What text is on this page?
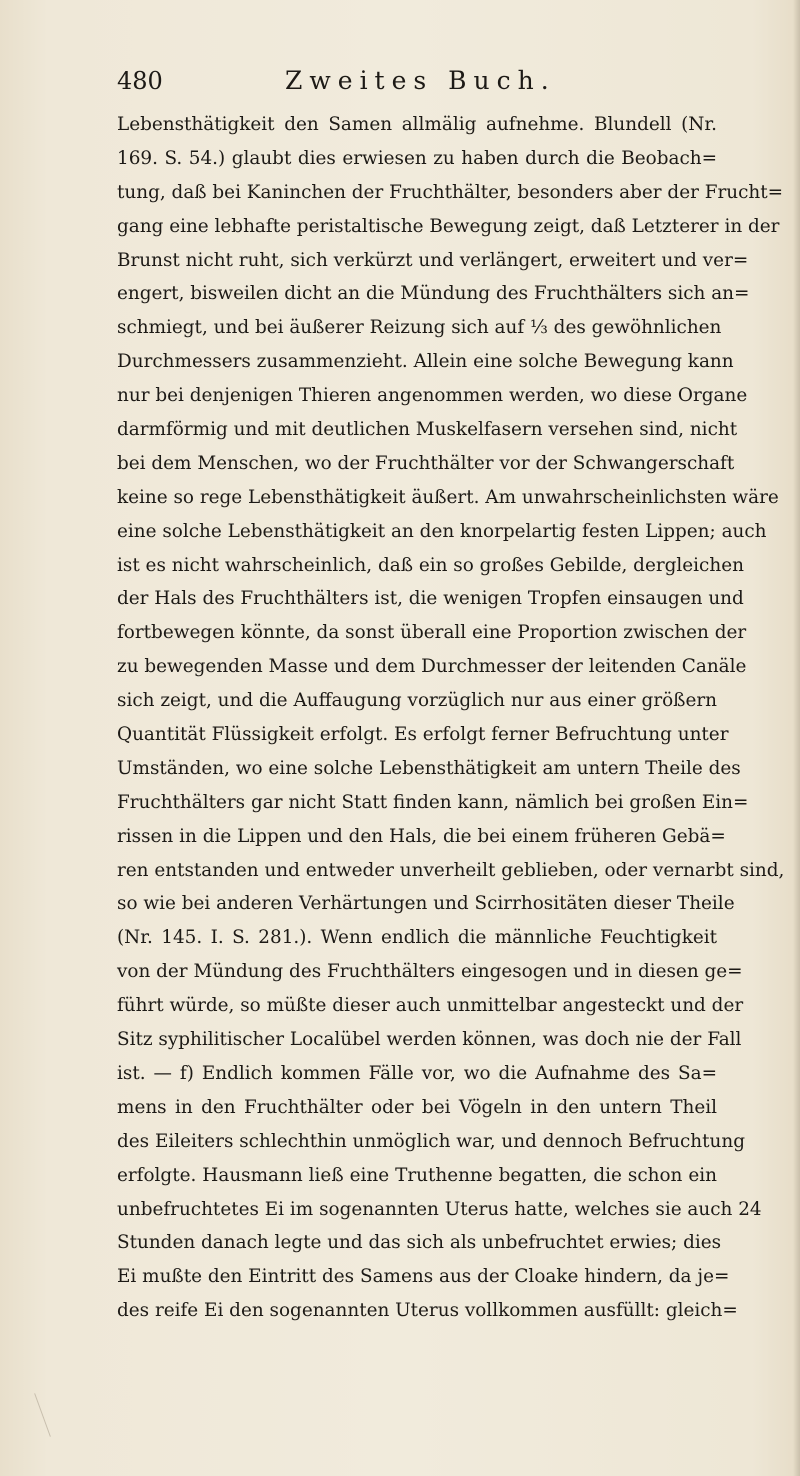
480	Zweites Buch.
Lebensthätigkeit den Samen allmälig aufnehme. Blundell (Nr.
169. S. 54.) glaubt dies erwiesen zu haben durch die Beobach=
tung, daß bei Kaninchen der Fruchthälter, besonders aber der Frucht=
gang eine lebhafte peristaltische Bewegung zeigt, daß Letzterer in der
Brunst nicht ruht, sich verkürzt und verlängert, erweitert und ver=
engert, bisweilen dicht an die Mündung des Fruchthälters sich an=
schmiegt, und bei äußerer Reizung sich auf ⅓ des gewöhnlichen
Durchmessers zusammenzieht. Allein eine solche Bewegung kann
nur bei denjenigen Thieren angenommen werden, wo diese Organe
darmförmig und mit deutlichen Muskelfasern versehen sind, nicht
bei dem Menschen, wo der Fruchthälter vor der Schwangerschaft
keine so rege Lebensthätigkeit äußert. Am unwahrscheinlichsten wäre
eine solche Lebensthätigkeit an den knorpelartig festen Lippen; auch
ist es nicht wahrscheinlich, daß ein so großes Gebilde, dergleichen
der Hals des Fruchthälters ist, die wenigen Tropfen einsaugen und
fortbewegen könnte, da sonst überall eine Proportion zwischen der
zu bewegenden Masse und dem Durchmesser der leitenden Canäle
sich zeigt, und die Auffaugung vorzüglich nur aus einer größern
Quantität Flüssigkeit erfolgt. Es erfolgt ferner Befruchtung unter
Umständen, wo eine solche Lebensthätigkeit am untern Theile des
Fruchthälters gar nicht Statt finden kann, nämlich bei großen Ein=
rissen in die Lippen und den Hals, die bei einem früheren Gebä=
ren entstanden und entweder unverheilt geblieben, oder vernarbt sind,
so wie bei anderen Verhärtungen und Scirrhositäten dieser Theile
(Nr. 145. I. S. 281.). Wenn endlich die männliche Feuchtigkeit
von der Mündung des Fruchthälters eingesogen und in diesen ge=
führt würde, so müßte dieser auch unmittelbar angesteckt und der
Sitz syphilitischer Localübel werden können, was doch nie der Fall
ist. — f) Endlich kommen Fälle vor, wo die Aufnahme des Sa=
mens in den Fruchthälter oder bei Vögeln in den untern Theil
des Eileiters schlechthin unmöglich war, und dennoch Befruchtung
erfolgte. Hausmann ließ eine Truthenne begatten, die schon ein
unbefruchtetes Ei im sogenannten Uterus hatte, welches sie auch 24
Stunden danach legte und das sich als unbefruchtet erwies; dies
Ei mußte den Eintritt des Samens aus der Cloake hindern, da je=
des reife Ei den sogenannten Uterus vollkommen ausfüllt: gleich=
